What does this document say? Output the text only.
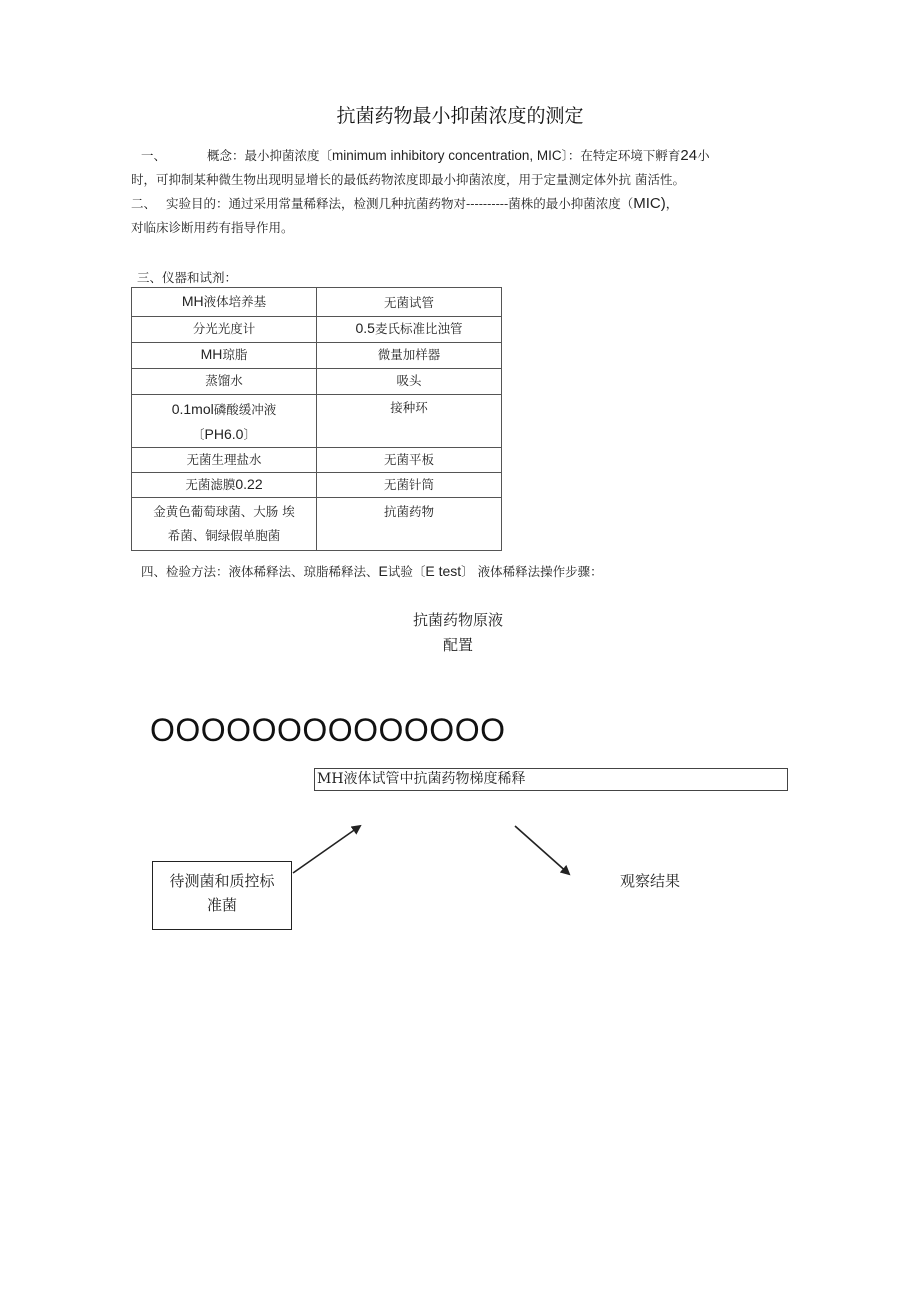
抗菌药物最小抑菌浓度的测定
一、	概念：最小抑菌浓度〔minimum inhibitory concentration, MIC〕：在特定环境下孵育24小
时，可抑制某种微生物出现明显增长的最低药物浓度即最小抑菌浓度，用于定量测定体外抗 菌活性。
二、 实验目的：通过采用常量稀释法，检测几种抗菌药物对----------菌株的最小抑菌浓度（MIC)，
对临床诊断用药有指导作用。
三、仪器和试剂：
MH液体培养基	无菌试管
分光光度计	0.5麦氏标准比浊管
MH琼脂	微量加样器
蒸馏水	吸头

0.1mol磷酸缓冲液
〔PH6.0〕	接种环
无菌生理盐水	无菌平板
无菌滤膜0.22	无菌针筒

金黄色葡萄球菌、大肠 埃
希菌、铜绿假单胞菌	抗菌药物
四、检验方法：液体稀释法、琼脂稀释法、E试验〔E test〕 液体稀释法操作步骤：
抗菌药物原液
配置
OOOOOOOOOOOOOO
MH液体试管中抗菌药物梯度稀释
待测菌和质控标
准菌
观察结果
